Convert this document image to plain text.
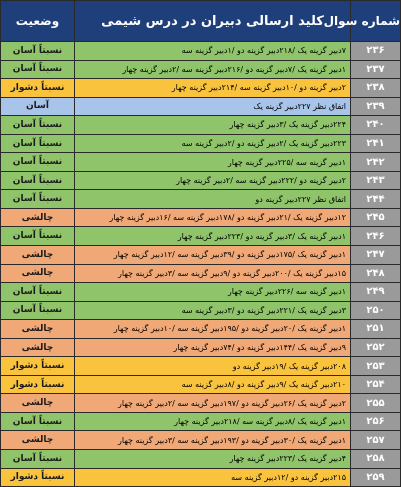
شماره سوال	کلید ارسالی دبیران در درس شیمی	وضعیت
۲۳۶	۷دبیر گزینه یک /۲۱۸دبیر گزینه دو /۱دبیر گزینه سه	نسبتاً آسان
۲۳۷	۱دبیر گزینه یک /۷دبیر گزینه دو /۲۱۶دبیر گزینه سه /۲دبیر گزینه چهار	نسبتاً آسان
۲۳۸	۲دبیر گزینه دو /۱۰دبیر گزینه سه /۲۱۴دبیر گزینه چهار	نسبتاً دشوار
۲۳۹	اتفاق نظر ۲۲۷دبیر گزینه یک	آسان
۲۴۰	۲۲۴دبیر گزینه یک /۳دبیر گزینه چهار	نسبتاً آسان
۲۴۱	۲۲۳دبیر گزینه یک /۲دبیر گزینه دو /۲دبیر گزینه سه	نسبتاً آسان
۲۴۲	۱دبیر گزینه سه /۲۲۵دبیر گزینه چهار	نسبتاً آسان
۲۴۳	۲دبیر گزینه دو /۲۲۲دبیر گزینه سه /۲دبیر گزینه چهار	نسبتاً آسان
۲۴۴	اتفاق نظر ۲۲۷دبیر گزینه دو	نسبتاً آسان
۲۴۵	۱۲دبیر گزینه یک /۲۱دبیر گزینه دو /۱۷۸دبیر گزینه سه /۱۶دبیر گزینه چهار	چالشی
۲۴۶	۱دبیر گزینه یک /۳دبیر گزینه دو /۲۲۳دبیر گزینه چهار	نسبتاً آسان
۲۴۷	۱دبیر گزینه یک /۱۷۵دبیر گزینه دو /۳۹دبیر گزینه سه /۱۲دبیر گزینه چهار	چالشی
۲۴۸	۱۵دبیر گزینه یک /۲۰۰دبیر گزینه دو /۹دبیر گزینه سه /۳دبیر گزینه چهار	چالشی
۲۴۹	۱دبیر گزینه سه /۲۲۶دبیر گزینه چهار	نسبتاً آسان
۲۵۰	۳دبیر گزینه یک /۲۲۱دبیر گزینه دو /۳دبیر گزینه سه	نسبتاً آسان
۲۵۱	۱دبیر گزینه یک /۲۰دبیر گزینه دو /۱۹۵دبیر گزینه سه /۱۰دبیر گزینه چهار	چالشی
۲۵۲	۹دبیر گزینه یک /۱۴۴دبیر گزینه دو /۷۴دبیر گزینه چهار	چالشی
۲۵۳	۲۰۸دبیر گزینه یک /۱۹دبیر گزینه دو	نسبتاً دشوار
۲۵۴	۲۱۰دبیر گزینه یک /۹دبیر گزینه دو /۸دبیر گزینه سه	نسبتاً دشوار
۲۵۵	۲دبیر گزینه یک /۲۶دبیر گزینه دو /۱۹۷دبیر گزینه سه /۲دبیر گزینه چهار	چالشی
۲۵۶	۱دبیر گزینه یک /۸دبیر گزینه سه /۲۱۸دبیر گزینه چهار	نسبتاً آسان
۲۵۷	۱دبیر گزینه یک /۳۰دبیر گزینه دو /۱۹۳دبیر گزینه سه /۳دبیر گزینه چهار	چالشی
۲۵۸	۴دبیر گزینه یک /۲۲۳دبیر گزینه چهار	نسبتاً آسان
۲۵۹	۲۱۵دبیر گزینه دو /۱۲دبیر گزینه سه	نسبتاً دشوار
